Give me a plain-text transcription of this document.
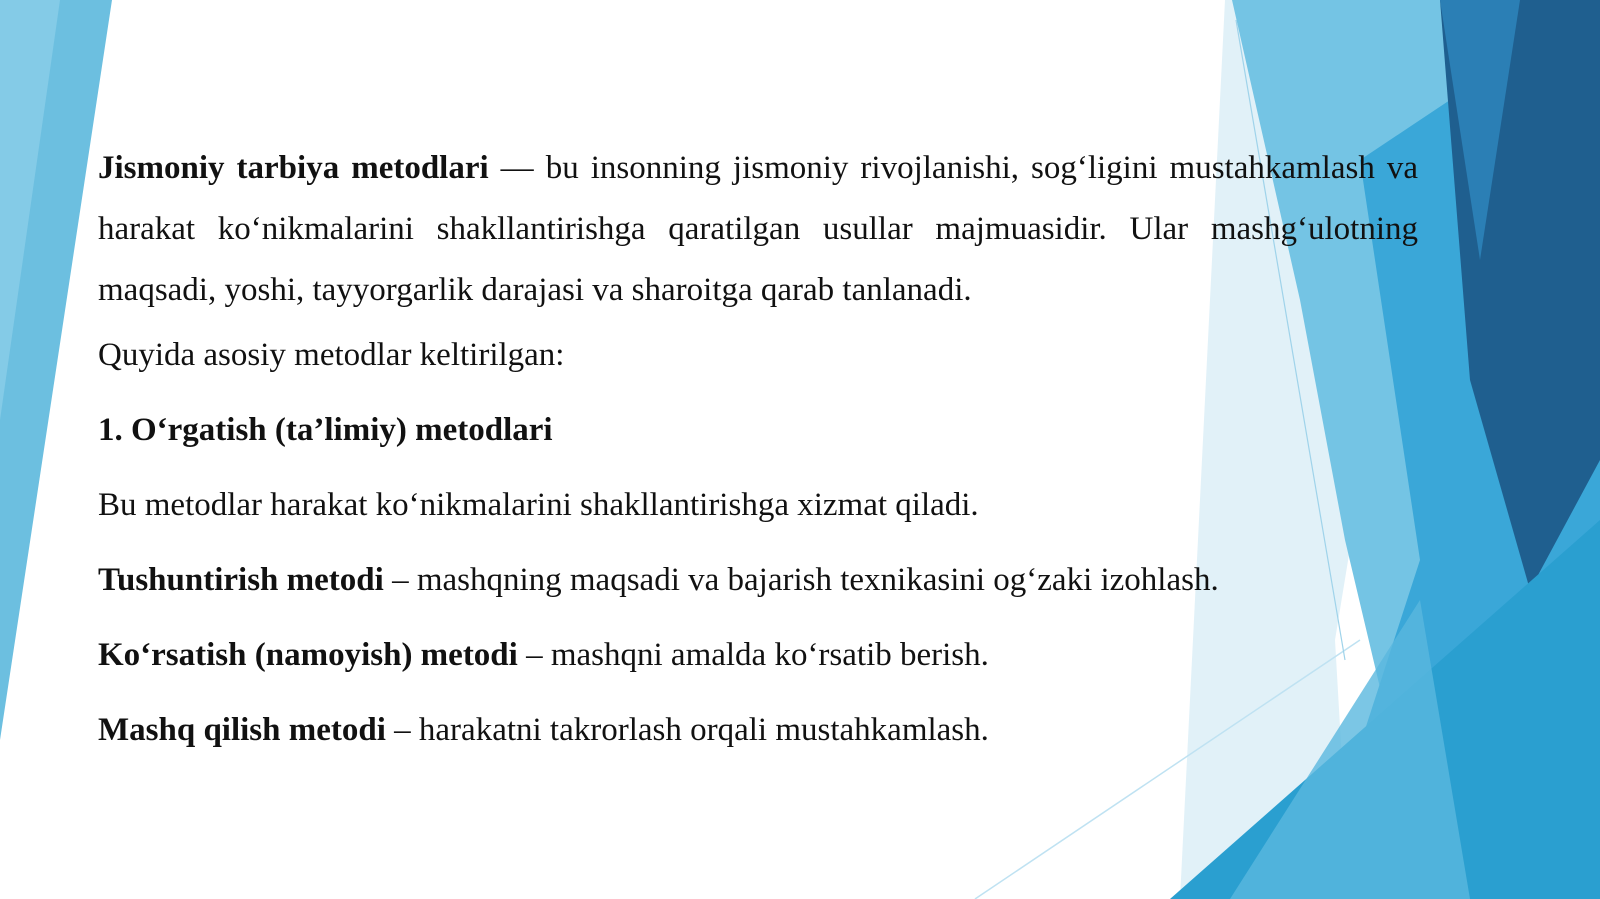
Jismoniy tarbiya metodlari — bu insonning jismoniy rivojlanishi, sog‘ligini mustahkamlash va harakat ko‘nikmalarini shakllantirishga qaratilgan usullar majmuasidir. Ular mashg‘ulotning maqsadi, yoshi, tayyorgarlik darajasi va sharoitga qarab tanlanadi.

Quyida asosiy metodlar keltirilgan:

1. O‘rgatish (ta’limiy) metodlari

Bu metodlar harakat ko‘nikmalarini shakllantirishga xizmat qiladi.

Tushuntirish metodi – mashqning maqsadi va bajarish texnikasini og‘zaki izohlash.

Ko‘rsatish (namoyish) metodi – mashqni amalda ko‘rsatib berish.

Mashq qilish metodi – harakatni takrorlash orqali mustahkamlash.
